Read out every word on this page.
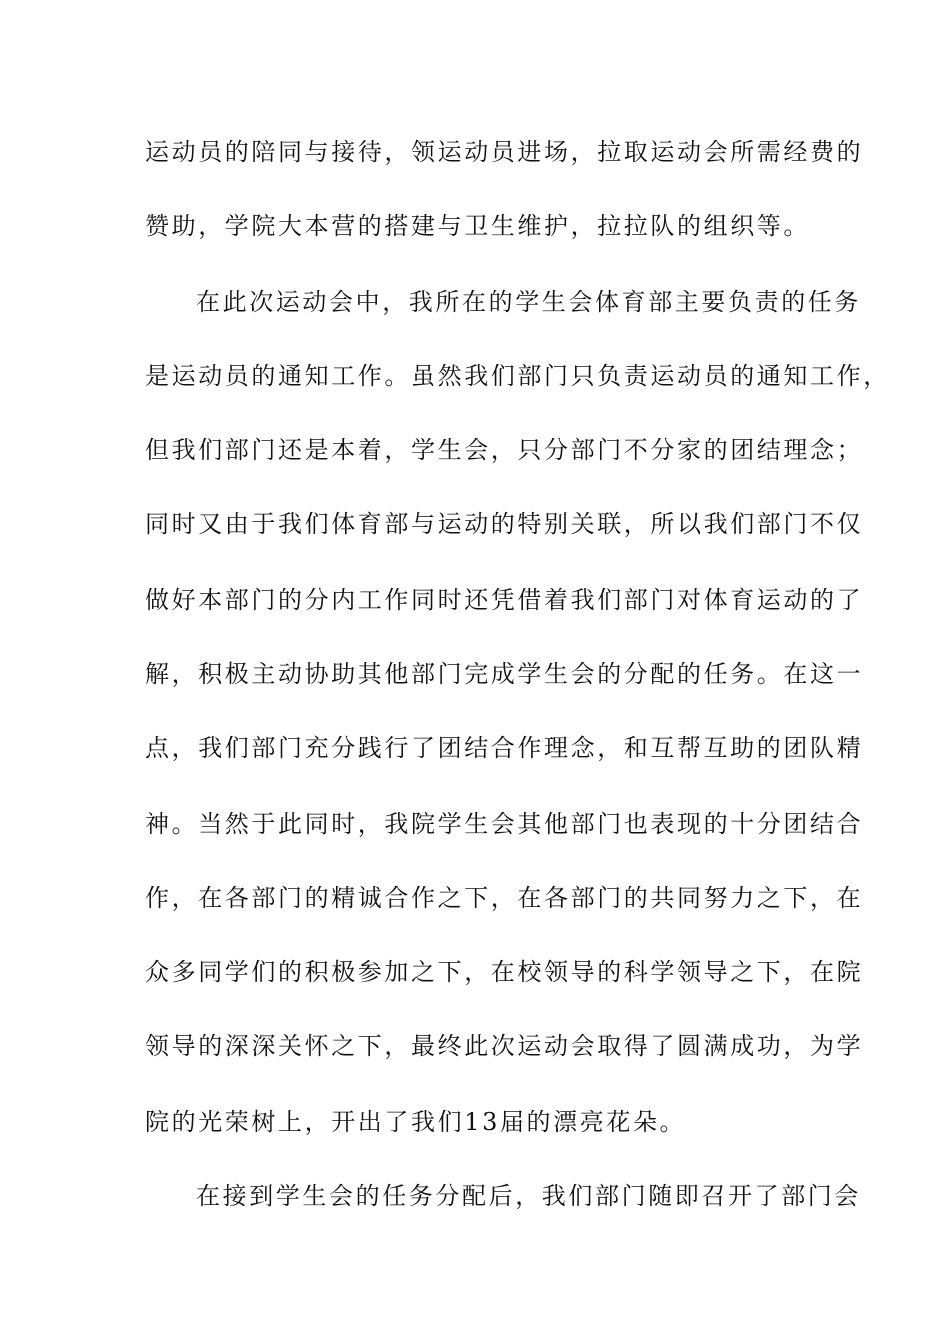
运动员的陪同与接待，领运动员进场，拉取运动会所需经费的
赞助，学院大本营的搭建与卫生维护，拉拉队的组织等。
在此次运动会中，我所在的学生会体育部主要负责的任务
是运动员的通知工作。虽然我们部门只负责运动员的通知工作，
但我们部门还是本着，学生会，只分部门不分家的团结理念；
同时又由于我们体育部与运动的特别关联，所以我们部门不仅
做好本部门的分内工作同时还凭借着我们部门对体育运动的了
解，积极主动协助其他部门完成学生会的分配的任务。在这一
点，我们部门充分践行了团结合作理念，和互帮互助的团队精
神。当然于此同时，我院学生会其他部门也表现的十分团结合
作，在各部门的精诚合作之下，在各部门的共同努力之下，在
众多同学们的积极参加之下，在校领导的科学领导之下，在院
领导的深深关怀之下，最终此次运动会取得了圆满成功，为学
院的光荣树上，开出了我们13届的漂亮花朵。
在接到学生会的任务分配后，我们部门随即召开了部门会
